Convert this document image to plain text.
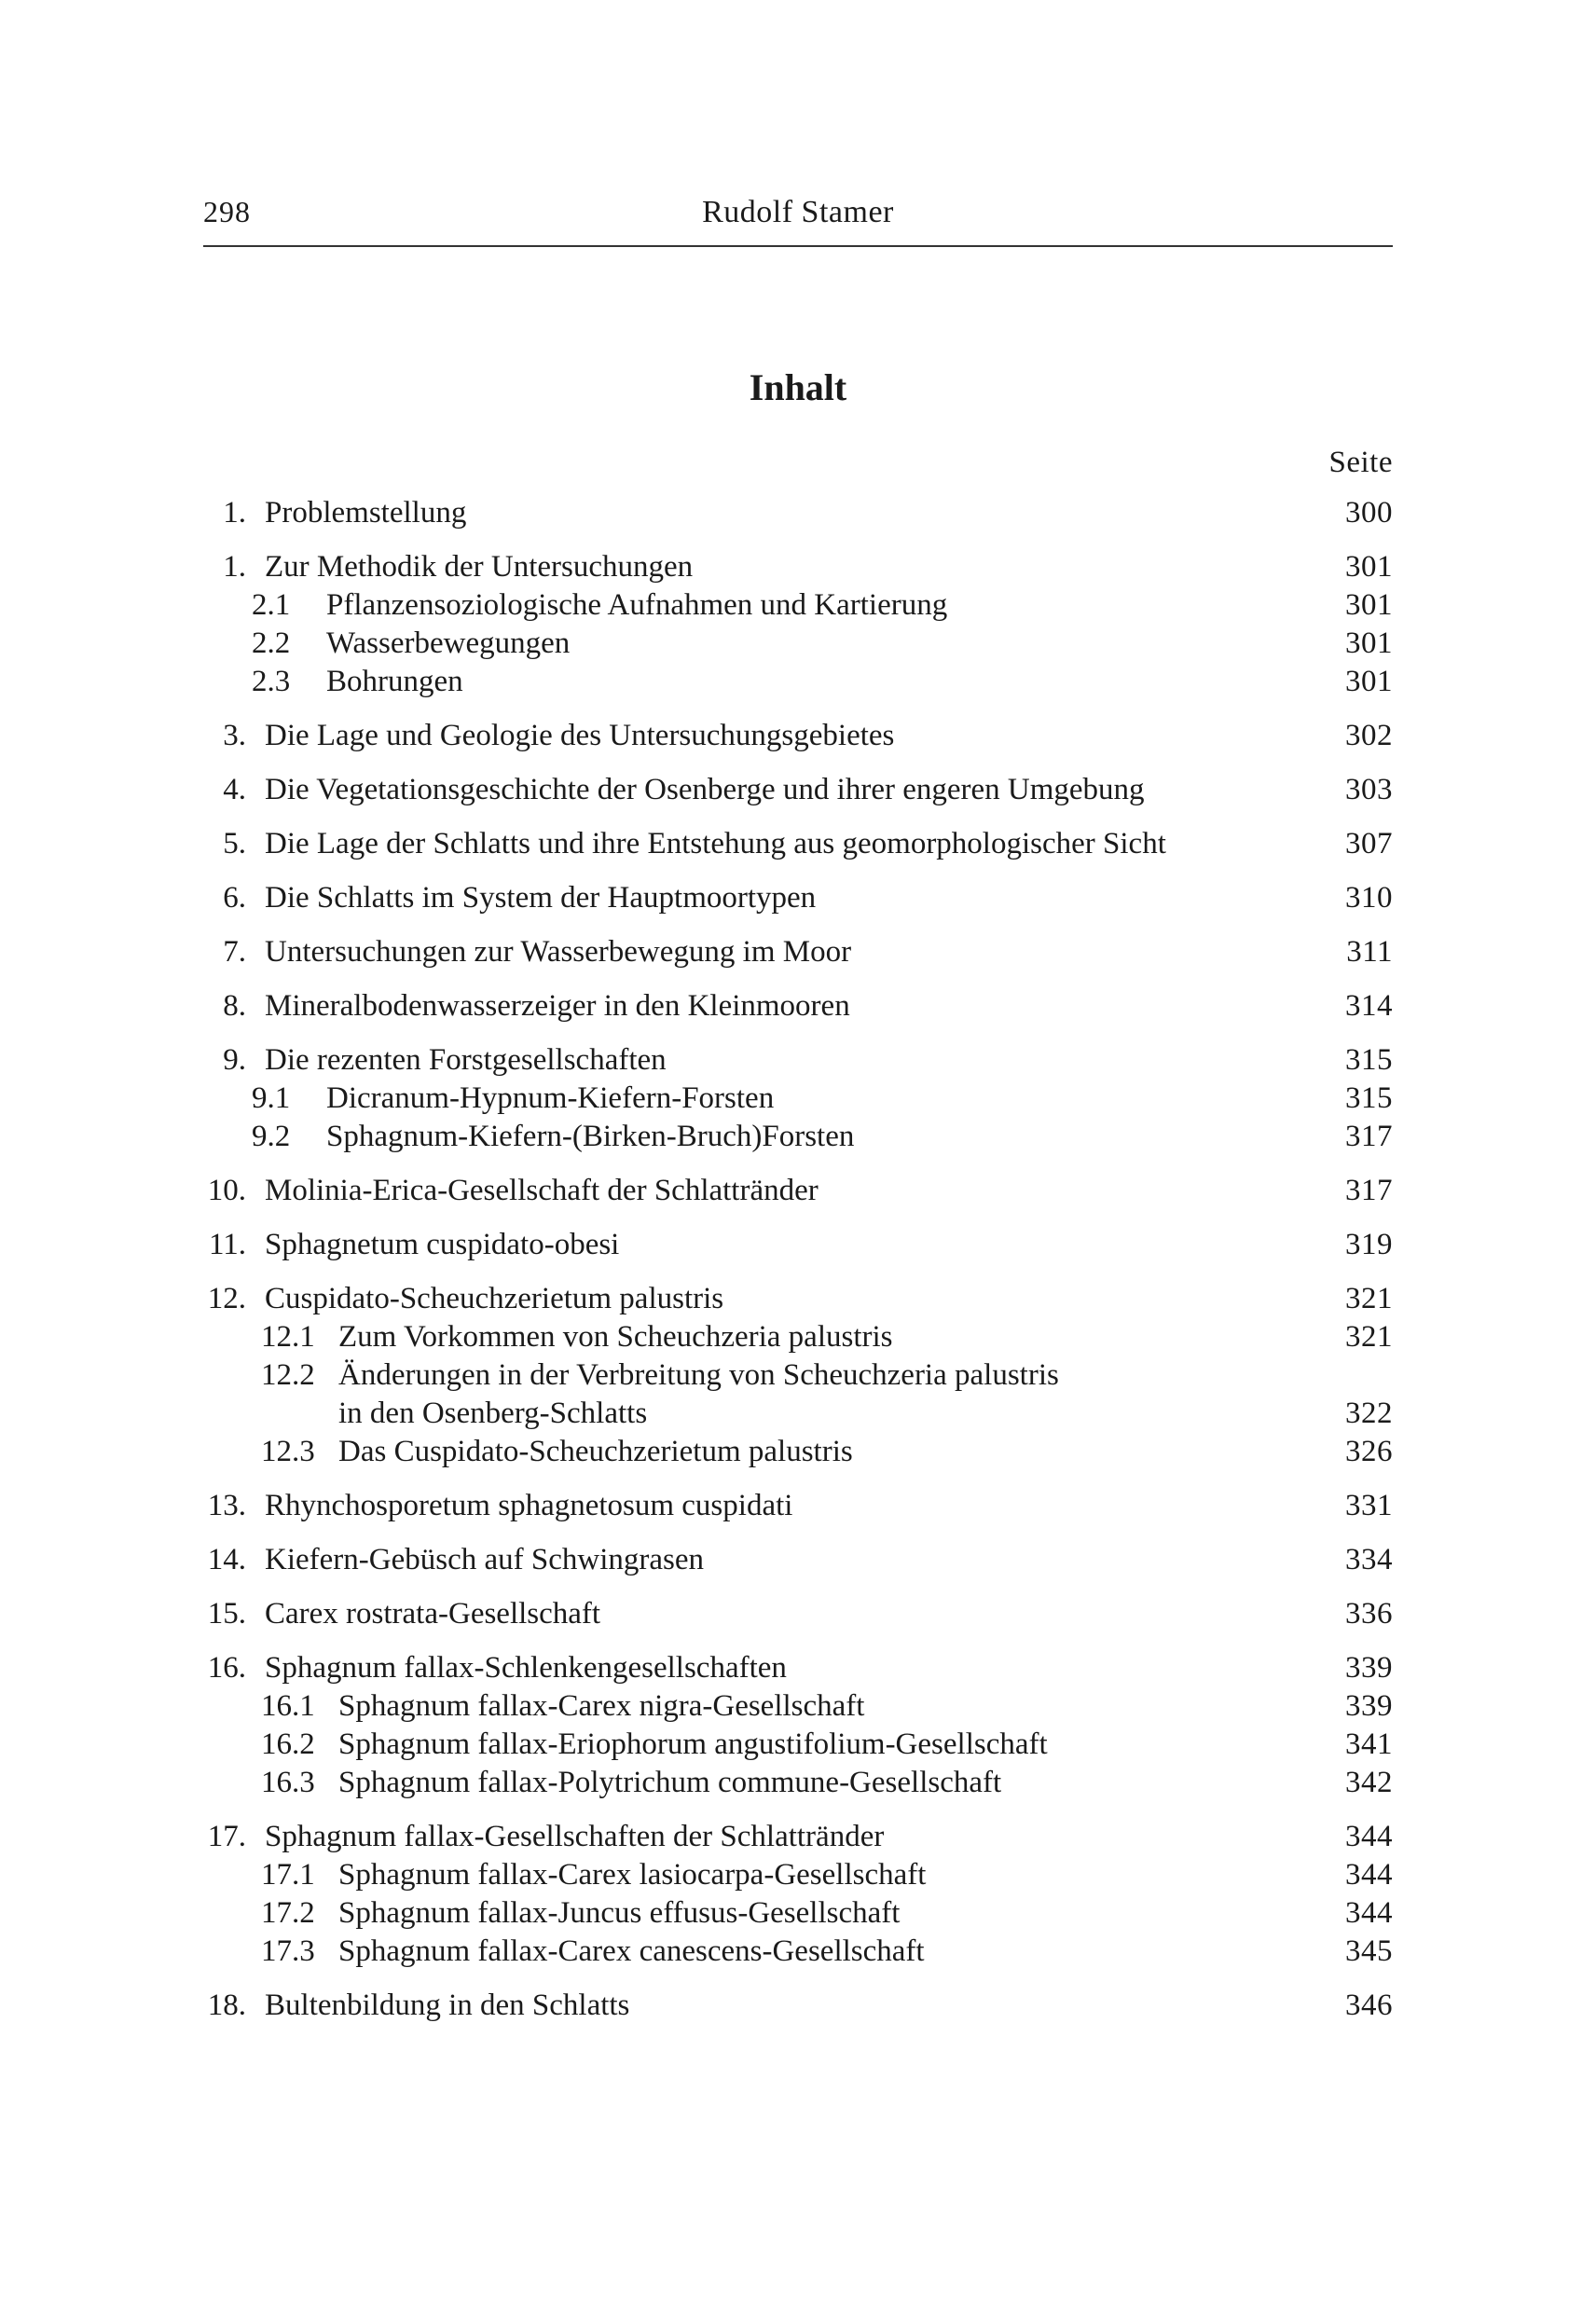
298	Rudolf Stamer
Inhalt
Seite
1. Problemstellung	300
1. Zur Methodik der Untersuchungen	301
2.1	Pflanzensoziologische Aufnahmen und Kartierung	301
2.2	Wasserbewegungen	301
2.3	Bohrungen	301
3. Die Lage und Geologie des Untersuchungsgebietes	302
4. Die Vegetationsgeschichte der Osenberge und ihrer engeren Umgebung	303
5. Die Lage der Schlatts und ihre Entstehung aus geomorphologischer Sicht	307
6. Die Schlatts im System der Hauptmoortypen	310
7. Untersuchungen zur Wasserbewegung im Moor	311
8. Mineralbodenwasserzeiger in den Kleinmooren	314
9. Die rezenten Forstgesellschaften	315
9.1	Dicranum-Hypnum-Kiefern-Forsten	315
9.2	Sphagnum-Kiefern-(Birken-Bruch)Forsten	317
10. Molinia-Erica-Gesellschaft der Schlattränder	317
11. Sphagnetum cuspidato-obesi	319
12. Cuspidato-Scheuchzerietum palustris	321
12.1 Zum Vorkommen von Scheuchzeria palustris	321
12.2 Änderungen in der Verbreitung von Scheuchzeria palustris
in den Osenberg-Schlatts	322
12.3 Das Cuspidato-Scheuchzerietum palustris	326
13. Rhynchosporetum sphagnetosum cuspidati	331
14. Kiefern-Gebüsch auf Schwingrasen	334
15. Carex rostrata-Gesellschaft	336
16. Sphagnum fallax-Schlenkengesellschaften	339
16.1 Sphagnum fallax-Carex nigra-Gesellschaft	339
16.2 Sphagnum fallax-Eriophorum angustifolium-Gesellschaft	341
16.3 Sphagnum fallax-Polytrichum commune-Gesellschaft	342
17. Sphagnum fallax-Gesellschaften der Schlattränder	344
17.1 Sphagnum fallax-Carex lasiocarpa-Gesellschaft	344
17.2 Sphagnum fallax-Juncus effusus-Gesellschaft	344
17.3 Sphagnum fallax-Carex canescens-Gesellschaft	345
18. Bultenbildung in den Schlatts	346
